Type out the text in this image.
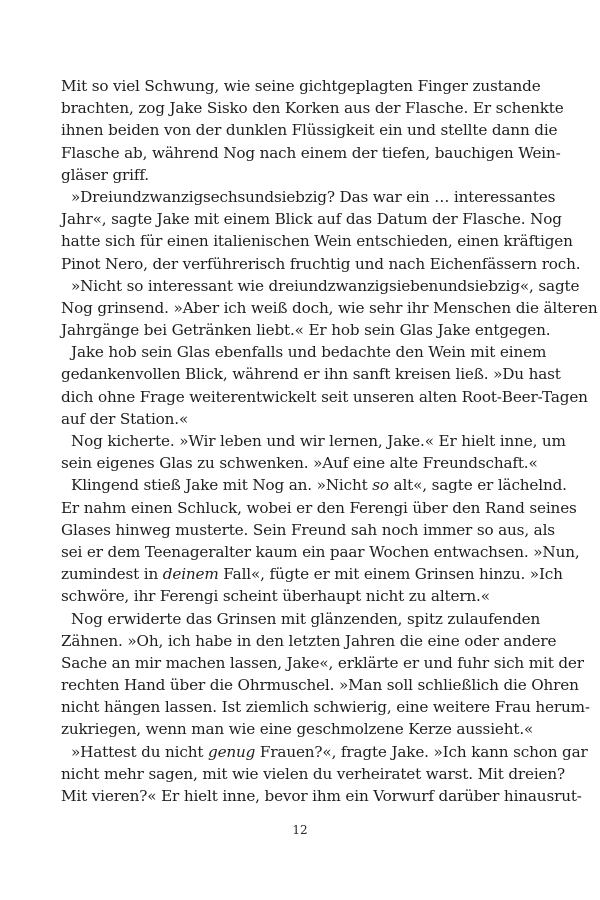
Mit so viel Schwung, wie seine gichtgeplagten Finger zustande
brachten, zog Jake Sisko den Korken aus der Flasche. Er schenkte
ihnen beiden von der dunklen Flüssigkeit ein und stellte dann die
Flasche ab, während Nog nach einem der tiefen, bauchigen Wein-
gläser griff.
»Dreiundzwanzigsechsundsiebzig? Das war ein … interessantes
Jahr«, sagte Jake mit einem Blick auf das Datum der Flasche. Nog
hatte sich für einen italienischen Wein entschieden, einen kräftigen
Pinot Nero, der verführerisch fruchtig und nach Eichenfässern roch.
»Nicht so interessant wie dreiundzwanzigsiebenundsiebzig«, sagte
Nog grinsend. »Aber ich weiß doch, wie sehr ihr Menschen die älteren
Jahrgänge bei Getränken liebt.« Er hob sein Glas Jake entgegen.
Jake hob sein Glas ebenfalls und bedachte den Wein mit einem
gedankenvollen Blick, während er ihn sanft kreisen ließ. »Du hast
dich ohne Frage weiterentwickelt seit unseren alten Root-Beer-Tagen
auf der Station.«
Nog kicherte. »Wir leben und wir lernen, Jake.« Er hielt inne, um
sein eigenes Glas zu schwenken. »Auf eine alte Freundschaft.«
Klingend stieß Jake mit Nog an. »Nicht so alt«, sagte er lächelnd.
Er nahm einen Schluck, wobei er den Ferengi über den Rand seines
Glases hinweg musterte. Sein Freund sah noch immer so aus, als
sei er dem Teenageralter kaum ein paar Wochen entwachsen. »Nun,
zumindest in deinem Fall«, fügte er mit einem Grinsen hinzu. »Ich
schwöre, ihr Ferengi scheint überhaupt nicht zu altern.«
Nog erwiderte das Grinsen mit glänzenden, spitz zulaufenden
Zähnen. »Oh, ich habe in den letzten Jahren die eine oder andere
Sache an mir machen lassen, Jake«, erklärte er und fuhr sich mit der
rechten Hand über die Ohrmuschel. »Man soll schließlich die Ohren
nicht hängen lassen. Ist ziemlich schwierig, eine weitere Frau herum-
zukriegen, wenn man wie eine geschmolzene Kerze aussieht.«
»Hattest du nicht genug Frauen?«, fragte Jake. »Ich kann schon gar
nicht mehr sagen, mit wie vielen du verheiratet warst. Mit dreien?
Mit vieren?« Er hielt inne, bevor ihm ein Vorwurf darüber hinausrut-
12
